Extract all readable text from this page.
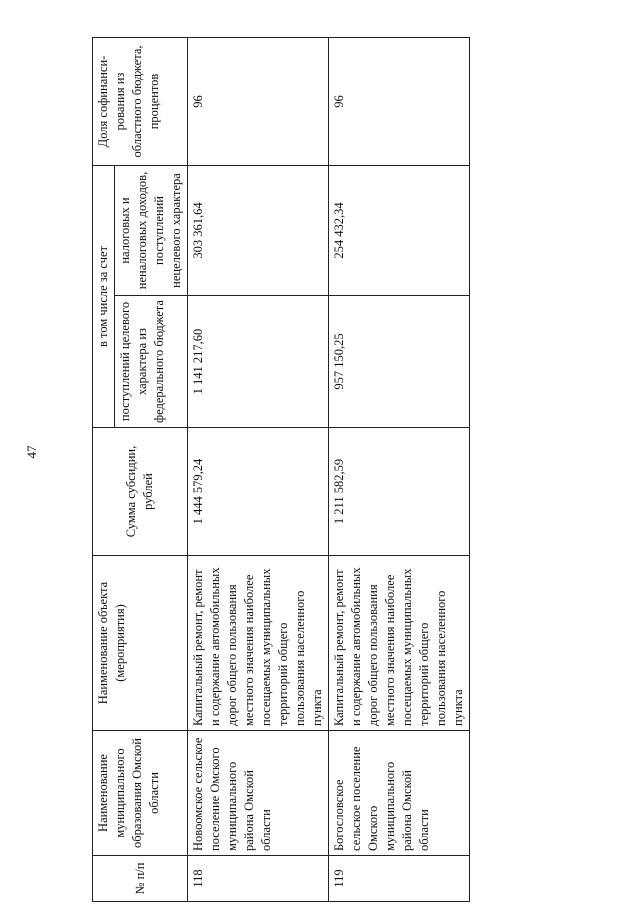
47
№ п/п	Наименование муниципального образования Омской области	Наименование объекта (мероприятия)	Сумма субсидии, рублей	в том числе за счет		Доля софинанси-рования из областного бюджета, процентов
				поступлений целевого характера из федерального бюджета	налоговых и неналоговых доходов, поступлений нецелевого характера	
118	Новоомское сельское поселение Омского муниципального района Омской области	Капитальный ремонт, ремонт и содержание автомобильных дорог общего пользования местного значения наиболее посещаемых муниципальных территорий общего пользования населенного пункта	1 444 579,24	1 141 217,60	303 361,64	96
119	Богословское сельское поселение Омского муниципального района Омской области	Капитальный ремонт, ремонт и содержание автомобильных дорог общего пользования местного значения наиболее посещаемых муниципальных территорий общего пользования населенного пункта	1 211 582,59	957 150,25	254 432,34	96
